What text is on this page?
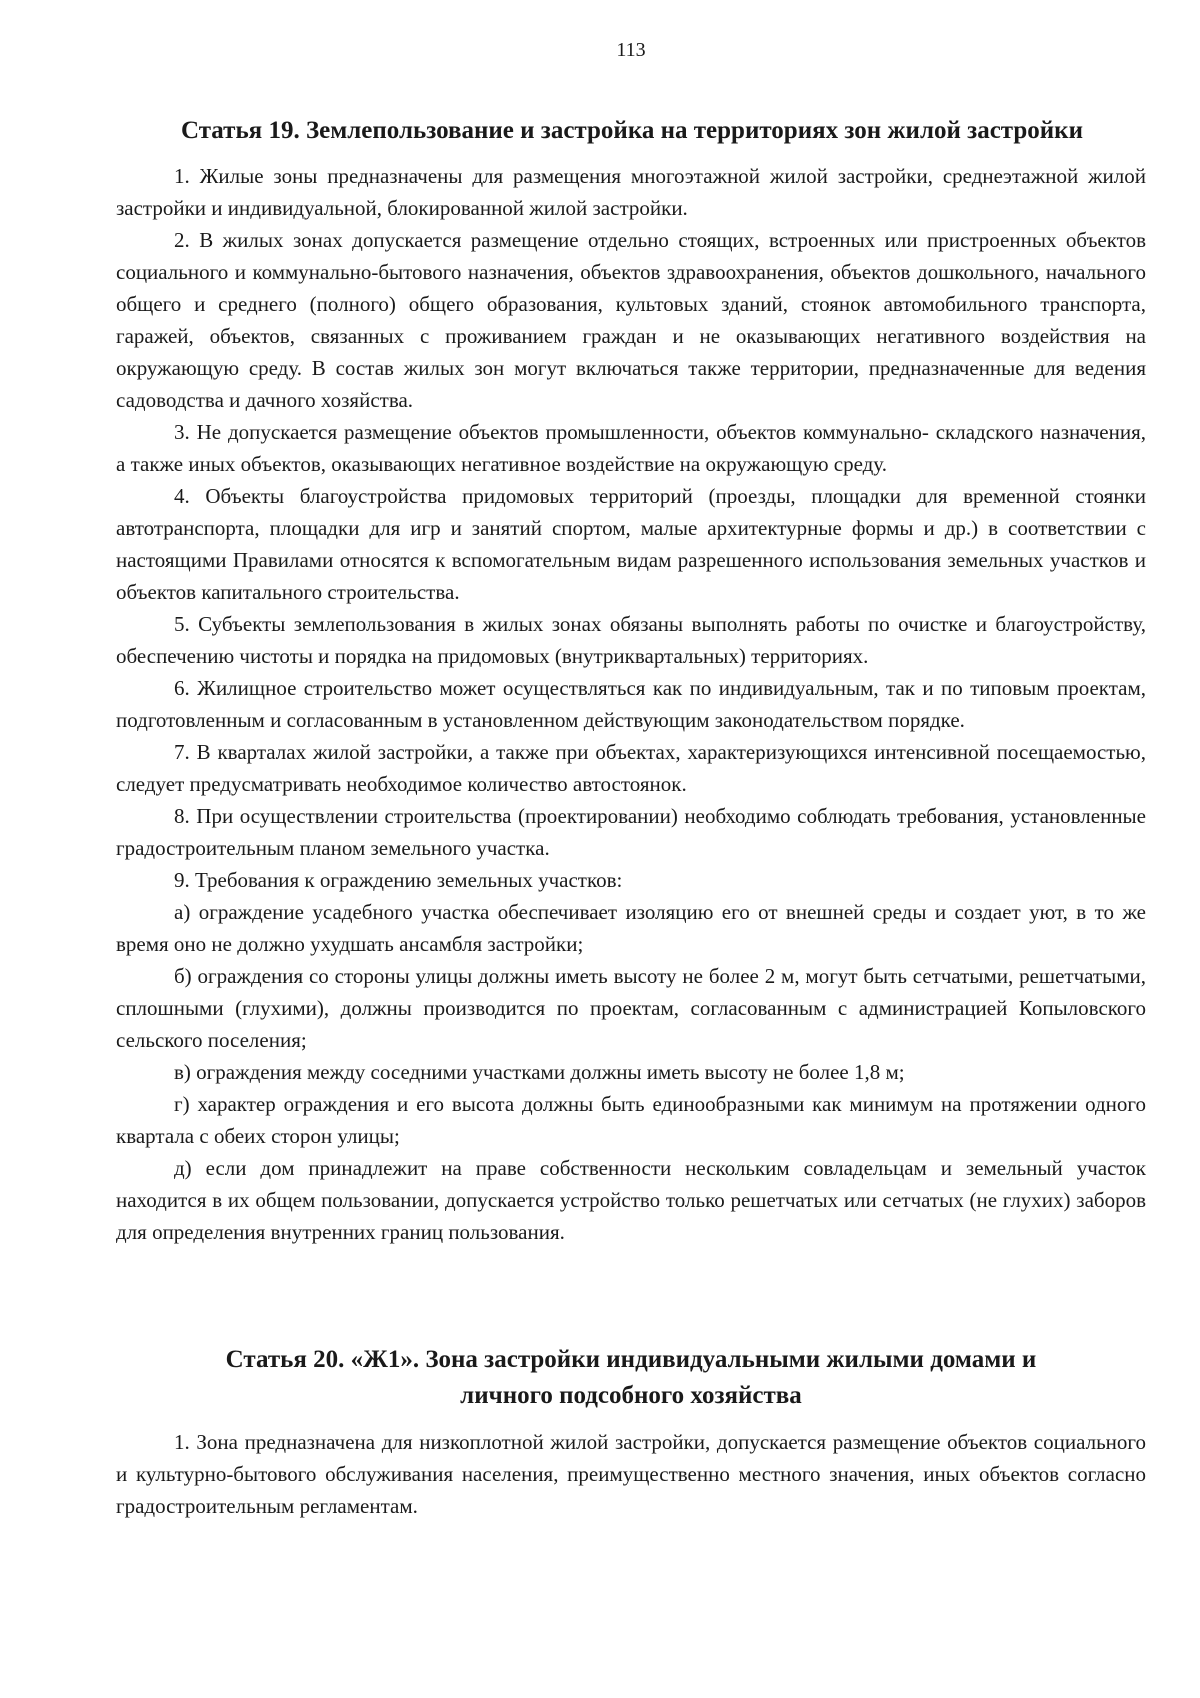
113
Статья 19. Землепользование и застройка на территориях зон жилой застройки

1. Жилые зоны предназначены для размещения многоэтажной жилой застройки, среднеэтажной жилой застройки и индивидуальной, блокированной жилой застройки.

2. В жилых зонах допускается размещение отдельно стоящих, встроенных или пристроенных объектов социального и коммунально-бытового назначения, объектов здравоохранения, объектов дошкольного, начального общего и среднего (полного) общего образования, культовых зданий, стоянок автомобильного транспорта, гаражей, объектов, связанных с проживанием граждан и не оказывающих негативного воздействия на окружающую среду. В состав жилых зон могут включаться также территории, предназначенные для ведения садоводства и дачного хозяйства.

3. Не допускается размещение объектов промышленности, объектов коммунально- складского назначения, а также иных объектов, оказывающих негативное воздействие на окружающую среду.

4. Объекты благоустройства придомовых территорий (проезды, площадки для временной стоянки автотранспорта, площадки для игр и занятий спортом, малые архитектурные формы и др.) в соответствии с настоящими Правилами относятся к вспомогательным видам разрешенного использования земельных участков и объектов капитального строительства.

5. Субъекты землепользования в жилых зонах обязаны выполнять работы по очистке и благоустройству, обеспечению чистоты и порядка на придомовых (внутриквартальных) территориях.

6. Жилищное строительство может осуществляться как по индивидуальным, так и по типовым проектам, подготовленным и согласованным в установленном действующим законодательством порядке.

7. В кварталах жилой застройки, а также при объектах, характеризующихся интенсивной посещаемостью, следует предусматривать необходимое количество автостоянок.

8. При осуществлении строительства (проектировании) необходимо соблюдать требования, установленные градостроительным планом земельного участка.

9. Требования к ограждению земельных участков:

а) ограждение усадебного участка обеспечивает изоляцию его от внешней среды и создает уют, в то же время оно не должно ухудшать ансамбля застройки;

б) ограждения со стороны улицы должны иметь высоту не более 2 м, могут быть сетчатыми, решетчатыми, сплошными (глухими), должны производится по проектам, согласованным с администрацией Копыловского сельского поселения;

в) ограждения между соседними участками должны иметь высоту не более 1,8 м;

г) характер ограждения и его высота должны быть единообразными как минимум на протяжении одного квартала с обеих сторон улицы;

д) если дом принадлежит на праве собственности нескольким совладельцам и земельный участок находится в их общем пользовании, допускается устройство только решетчатых или сетчатых (не глухих) заборов для определения внутренних границ пользования.

Статья 20. «Ж1». Зона застройки индивидуальными жилыми домами и
личного подсобного хозяйства

1. Зона предназначена для низкоплотной жилой застройки, допускается размещение объектов социального и культурно-бытового обслуживания населения, преимущественно местного значения, иных объектов согласно градостроительным регламентам.
